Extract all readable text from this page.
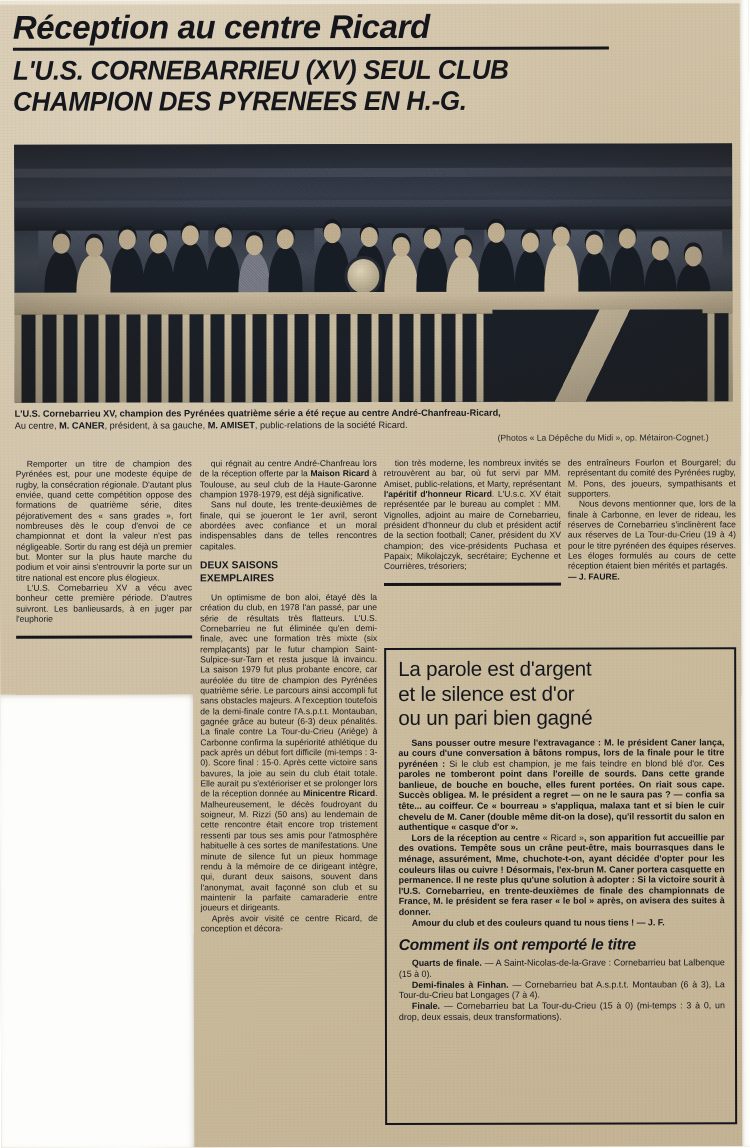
Réception au centre Ricard
L'U.S. CORNEBARRIEU (XV) SEUL CLUB
CHAMPION DES PYRENEES EN H.-G.
L'U.S. Cornebarrieu XV, champion des Pyrénées quatrième série a été reçue au centre André-Chanfreau-Ricard,
Au centre, M. CANER, président, à sa gauche, M. AMISET, public-relations de la société Ricard.
(Photos « La Dépêche du Midi », op. Métairon-Cognet.)

Remporter un titre de champion des Pyrénées est, pour une modeste équipe de rugby, la consécration régionale. D'autant plus enviée, quand cette compétition oppose des formations de quatrième série, dites péjorativement des « sans grades », fort nombreuses dès le coup d'envoi de ce championnat et dont la valeur n'est pas négligeable. Sortir du rang est déjà un premier but. Monter sur la plus haute marche du podium et voir ainsi s'entrouvrir la porte sur un titre national est encore plus élogieux.

L'U.S. Cornebarrieu XV a vécu avec bonheur cette première période. D'autres suivront. Les banlieusards, à en juger par l'euphorie

qui régnait au centre André-Chanfreau lors de la réception offerte par la Maison Ricard à Toulouse, au seul club de la Haute-Garonne champion 1978-1979, est déjà significative.

Sans nul doute, les trente-deuxièmes de finale, qui se joueront le 1er avril, seront abordées avec confiance et un moral indispensables dans de telles rencontres capitales.

DEUX SAISONS

EXEMPLAIRES

Un optimisme de bon aloi, étayé dès la création du club, en 1978 l'an passé, par une série de résultats très flatteurs. L'U.S. Cornebarrieu ne fut éliminée qu'en demi-finale, avec une formation très mixte (six remplaçants) par le futur champion Saint-Sulpice-sur-Tarn et resta jusque là invaincu. La saison 1979 fut plus probante encore, car auréolée du titre de champion des Pyrénées quatrième série. Le parcours ainsi accompli fut sans obstacles majeurs. A l'exception toutefois de la demi-finale contre l'A.s.p.t.t. Montauban, gagnée grâce au buteur (6-3) deux pénalités. La finale contre La Tour-du-Crieu (Ariège) à Carbonne confirma la supériorité athlétique du pack après un début fort difficile (mi-temps : 3-0). Score final : 15-0. Après cette victoire sans bavures, la joie au sein du club était totale. Elle aurait pu s'extérioriser et se prolonger lors de la réception donnée au Minicentre Ricard. Malheureusement, le décès foudroyant du soigneur, M. Rizzi (50 ans) au lendemain de cette rencontre était encore trop tristement ressenti par tous ses amis pour l'atmosphère habituelle à ces sortes de manifestations. Une minute de silence fut un pieux hommage rendu à la mémoire de ce dirigeant intègre, qui, durant deux saisons, souvent dans l'anonymat, avait façonné son club et su maintenir la parfaite camaraderie entre joueurs et dirigeants.

Après avoir visité ce centre Ricard, de conception et décora-

tion très moderne, les nombreux invités se retrouvèrent au bar, où fut servi par MM. Amiset, public-relations, et Marty, représentant l'apéritif d'honneur Ricard. L'U.s.c. XV était représentée par le bureau au complet : MM. Vignolles, adjoint au maire de Cornebarrieu, président d'honneur du club et président actif de la section football; Caner, président du XV champion; des vice-présidents Puchasa et Papaix; Mikolajczyk, secrétaire; Eychenne et Courrières, trésoriers;

des entraîneurs Fourlon et Bourgarel; du représentant du comité des Pyrénées rugby, M. Pons, des joueurs, sympathisants et supporters.

Nous devons mentionner que, lors de la finale à Carbonne, en lever de rideau, les réserves de Cornebarrieu s'inclinèrent face aux réserves de La Tour-du-Crieu (19 à 4) pour le titre pyrénéen des équipes réserves. Les éloges formulés au cours de cette réception étaient bien mérités et partagés.

— J. FAURE.

La parole est d'argent
et le silence est d'or
ou un pari bien gagné

Sans pousser outre mesure l'extravagance : M. le président Caner lança, au cours d'une conversation à bâtons rompus, lors de la finale pour le titre pyrénéen : Si le club est champion, je me fais teindre en blond blé d'or. Ces paroles ne tomberont point dans l'oreille de sourds. Dans cette grande banlieue, de bouche en bouche, elles furent portées. On riait sous cape. Succès obligea. M. le président a regret — on ne le saura pas ? — confia sa tête... au coiffeur. Ce « bourreau » s'appliqua, malaxa tant et si bien le cuir chevelu de M. Caner (double même dit-on la dose), qu'il ressortit du salon en authentique « casque d'or ».

Lors de la réception au centre « Ricard », son apparition fut accueillie par des ovations. Tempête sous un crâne peut-être, mais bourrasques dans le ménage, assurément, Mme, chuchote-t-on, ayant décidée d'opter pour les couleurs lilas ou cuivre ! Désormais, l'ex-brun M. Caner portera casquette en permanence. Il ne reste plus qu'une solution à adopter : Si la victoire sourit à l'U.S. Cornebarrieu, en trente-deuxièmes de finale des championnats de France, M. le président se fera raser « le bol » après, on avisera des suites à donner.

Amour du club et des couleurs quand tu nous tiens ! — J. F.

Comment ils ont remporté le titre

Quarts de finale. — A Saint-Nicolas-de-la-Grave : Cornebarrieu bat Lalbenque (15 à 0).

Demi-finales à Finhan. — Cornebarrieu bat A.s.p.t.t. Montauban (6 à 3), La Tour-du-Crieu bat Longages (7 à 4).

Finale. — Cornebarrieu bat La Tour-du-Crieu (15 à 0) (mi-temps : 3 à 0, un drop, deux essais, deux transformations).
